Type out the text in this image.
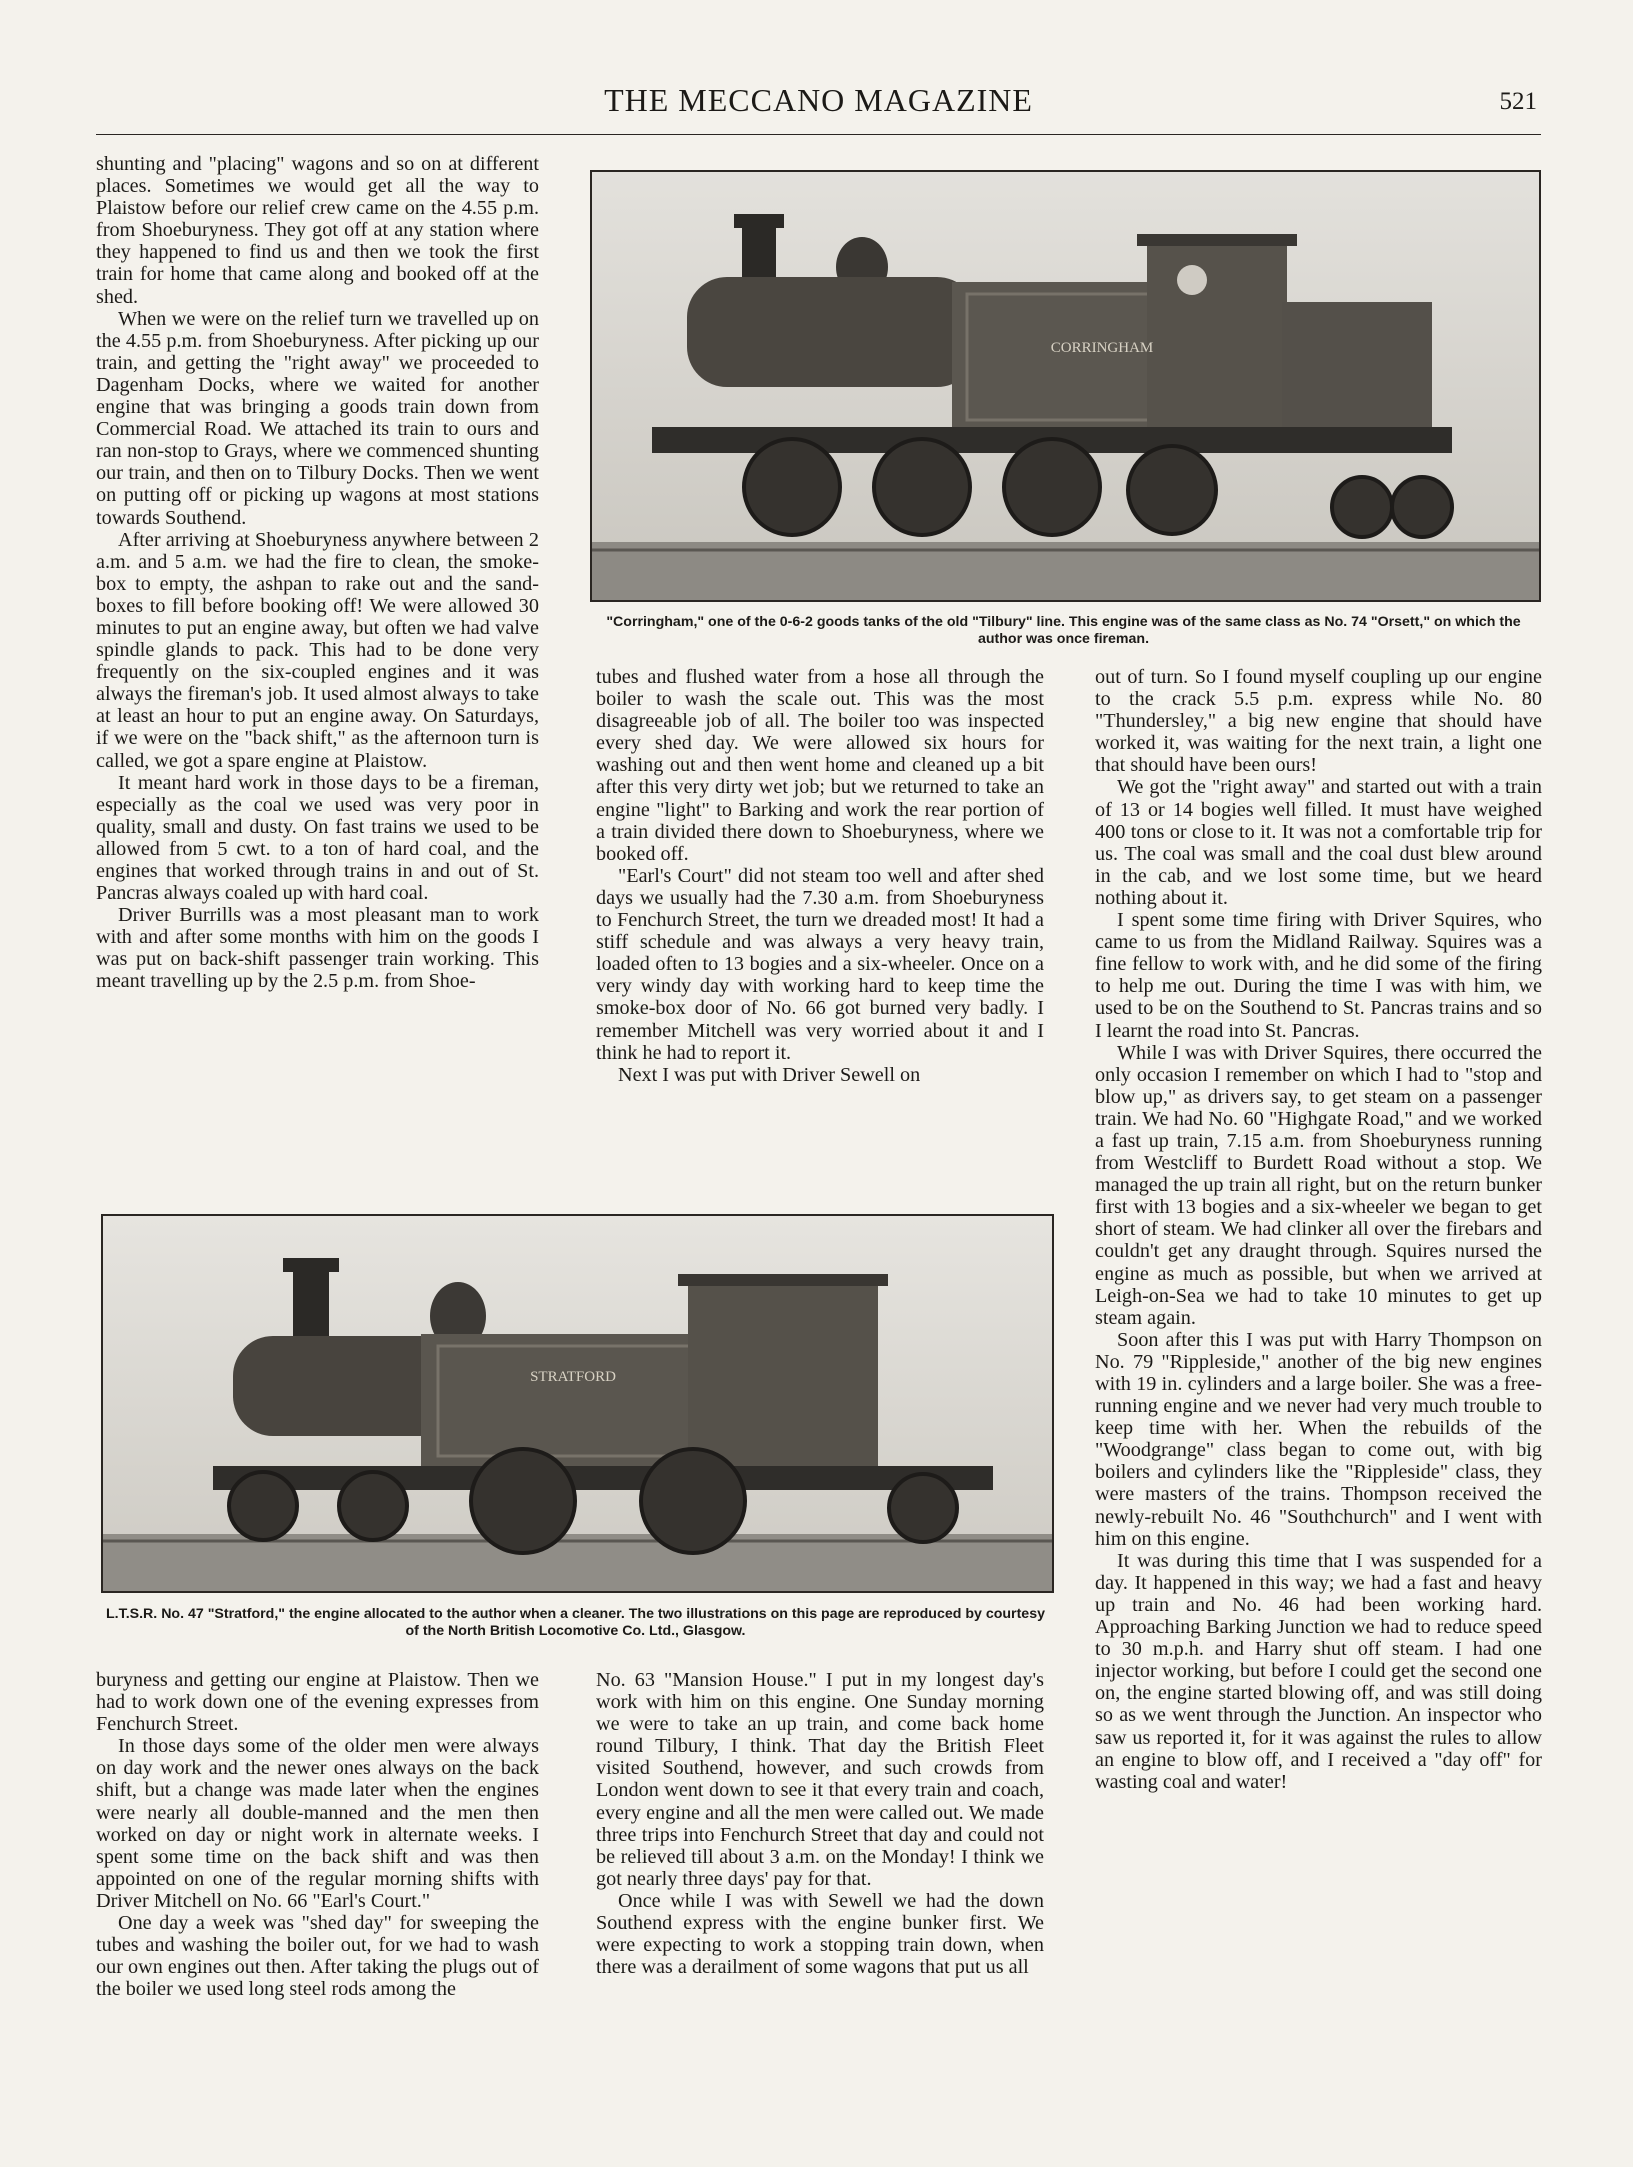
THE MECCANO MAGAZINE	521
CORRINGHAM
"Corringham," one of the 0-6-2 goods tanks of the old "Tilbury" line. This engine was of the same class as No. 74 "Orsett," on which the author was once fireman.
STRATFORD
L.T.S.R. No. 47 "Stratford," the engine allocated to the author when a cleaner. The two illustrations on this page are reproduced by courtesy of the North British Locomotive Co. Ltd., Glasgow.

shunting and "placing" wagons and so on at different places. Sometimes we would get all the way to Plaistow before our relief crew came on the 4.55 p.m. from Shoeburyness. They got off at any station where they happened to find us and then we took the first train for home that came along and booked off at the shed.

When we were on the relief turn we travelled up on the 4.55 p.m. from Shoeburyness. After picking up our train, and getting the "right away" we proceeded to Dagenham Docks, where we waited for another engine that was bringing a goods train down from Commercial Road. We attached its train to ours and ran non-stop to Grays, where we commenced shunting our train, and then on to Tilbury Docks. Then we went on putting off or picking up wagons at most stations towards Southend.

After arriving at Shoeburyness anywhere between 2 a.m. and 5 a.m. we had the fire to clean, the smoke-box to empty, the ashpan to rake out and the sand-boxes to fill before booking off! We were allowed 30 minutes to put an engine away, but often we had valve spindle glands to pack. This had to be done very frequently on the six-coupled engines and it was always the fireman's job. It used almost always to take at least an hour to put an engine away. On Saturdays, if we were on the "back shift," as the afternoon turn is called, we got a spare engine at Plaistow.

It meant hard work in those days to be a fireman, especially as the coal we used was very poor in quality, small and dusty. On fast trains we used to be allowed from 5 cwt. to a ton of hard coal, and the engines that worked through trains in and out of St. Pancras always coaled up with hard coal.

Driver Burrills was a most pleasant man to work with and after some months with him on the goods I was put on back-shift passenger train working. This meant travelling up by the 2.5 p.m. from Shoe-

tubes and flushed water from a hose all through the boiler to wash the scale out. This was the most disagreeable job of all. The boiler too was inspected every shed day. We were allowed six hours for washing out and then went home and cleaned up a bit after this very dirty wet job; but we returned to take an engine "light" to Barking and work the rear portion of a train divided there down to Shoeburyness, where we booked off.

"Earl's Court" did not steam too well and after shed days we usually had the 7.30 a.m. from Shoeburyness to Fenchurch Street, the turn we dreaded most! It had a stiff schedule and was always a very heavy train, loaded often to 13 bogies and a six-wheeler. Once on a very windy day with working hard to keep time the smoke-box door of No. 66 got burned very badly. I remember Mitchell was very worried about it and I think he had to report it.

Next I was put with Driver Sewell on

out of turn. So I found myself coupling up our engine to the crack 5.5 p.m. express while No. 80 "Thundersley," a big new engine that should have worked it, was waiting for the next train, a light one that should have been ours!

We got the "right away" and started out with a train of 13 or 14 bogies well filled. It must have weighed 400 tons or close to it. It was not a comfortable trip for us. The coal was small and the coal dust blew around in the cab, and we lost some time, but we heard nothing about it.

I spent some time firing with Driver Squires, who came to us from the Midland Railway. Squires was a fine fellow to work with, and he did some of the firing to help me out. During the time I was with him, we used to be on the Southend to St. Pancras trains and so I learnt the road into St. Pancras.

While I was with Driver Squires, there occurred the only occasion I remember on which I had to "stop and blow up," as drivers say, to get steam on a passenger train. We had No. 60 "Highgate Road," and we worked a fast up train, 7.15 a.m. from Shoeburyness running from Westcliff to Burdett Road without a stop. We managed the up train all right, but on the return bunker first with 13 bogies and a six-wheeler we began to get short of steam. We had clinker all over the firebars and couldn't get any draught through. Squires nursed the engine as much as possible, but when we arrived at Leigh-on-Sea we had to take 10 minutes to get up steam again.

Soon after this I was put with Harry Thompson on No. 79 "Rippleside," another of the big new engines with 19 in. cylinders and a large boiler. She was a free-running engine and we never had very much trouble to keep time with her. When the rebuilds of the "Woodgrange" class began to come out, with big boilers and cylinders like the "Rippleside" class, they were masters of the trains. Thompson received the newly-rebuilt No. 46 "Southchurch" and I went with him on this engine.

It was during this time that I was suspended for a day. It happened in this way; we had a fast and heavy up train and No. 46 had been working hard. Approaching Barking Junction we had to reduce speed to 30 m.p.h. and Harry shut off steam. I had one injector working, but before I could get the second one on, the engine started blowing off, and was still doing so as we went through the Junction. An inspector who saw us reported it, for it was against the rules to allow an engine to blow off, and I received a "day off" for wasting coal and water!

buryness and getting our engine at Plaistow. Then we had to work down one of the evening expresses from Fenchurch Street.

In those days some of the older men were always on day work and the newer ones always on the back shift, but a change was made later when the engines were nearly all double-manned and the men then worked on day or night work in alternate weeks. I spent some time on the back shift and was then appointed on one of the regular morning shifts with Driver Mitchell on No. 66 "Earl's Court."

One day a week was "shed day" for sweeping the tubes and washing the boiler out, for we had to wash our own engines out then. After taking the plugs out of the boiler we used long steel rods among the

No. 63 "Mansion House." I put in my longest day's work with him on this engine. One Sunday morning we were to take an up train, and come back home round Tilbury, I think. That day the British Fleet visited Southend, however, and such crowds from London went down to see it that every train and coach, every engine and all the men were called out. We made three trips into Fenchurch Street that day and could not be relieved till about 3 a.m. on the Monday! I think we got nearly three days' pay for that.

Once while I was with Sewell we had the down Southend express with the engine bunker first. We were expecting to work a stopping train down, when there was a derailment of some wagons that put us all
